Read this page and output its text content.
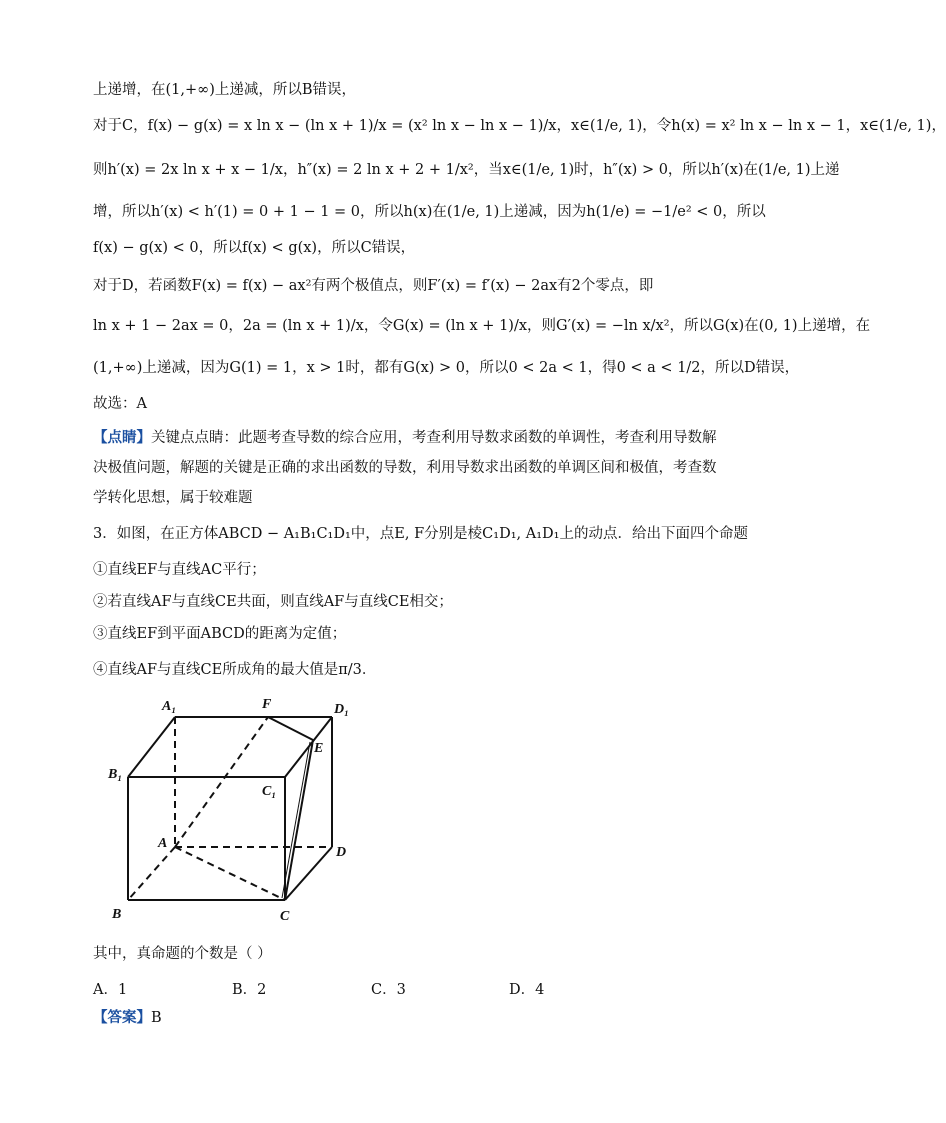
上递增，在(1,+∞)上递减，所以B错误，
对于C，f(x) − g(x) = x ln x − (ln x + 1)/x = (x² ln x − ln x − 1)/x，x∈(1/e, 1)，令h(x) = x² ln x − ln x − 1，x∈(1/e, 1)，
则h′(x) = 2x ln x + x − 1/x，h″(x) = 2 ln x + 2 + 1/x²，当x∈(1/e, 1)时，h″(x) > 0，所以h′(x)在(1/e, 1)上递
增，所以h′(x) < h′(1) = 0 + 1 − 1 = 0，所以h(x)在(1/e, 1)上递减，因为h(1/e) = −1/e² < 0，所以
f(x) − g(x) < 0，所以f(x) < g(x)，所以C错误，
对于D，若函数F(x) = f(x) − ax²有两个极值点，则F′(x) = f′(x) − 2ax有2个零点，即
ln x + 1 − 2ax = 0，2a = (ln x + 1)/x，令G(x) = (ln x + 1)/x，则G′(x) = −ln x/x²，所以G(x)在(0, 1)上递增，在
(1,+∞)上递减，因为G(1) = 1，x > 1时，都有G(x) > 0，所以0 < 2a < 1，得0 < a < 1/2，所以D错误，
故选：A
【点睛】关键点点睛：此题考查导数的综合应用，考查利用导数求函数的单调性，考查利用导数解
决极值问题，解题的关键是正确的求出函数的导数，利用导数求出函数的单调区间和极值，考查数
学转化思想，属于较难题
3．如图，在正方体ABCD − A₁B₁C₁D₁中，点E, F分别是棱C₁D₁, A₁D₁上的动点．给出下面四个命题
①直线EF与直线AC平行；
②若直线AF与直线CE共面，则直线AF与直线CE相交；
③直线EF到平面ABCD的距离为定值；
④直线AF与直线CE所成角的最大值是π/3．
A₁	F	D₁
E
B₁
C₁
A
D
B	C
其中，真命题的个数是（ ）
A．1	B．2	C．3	D．4
【答案】B
